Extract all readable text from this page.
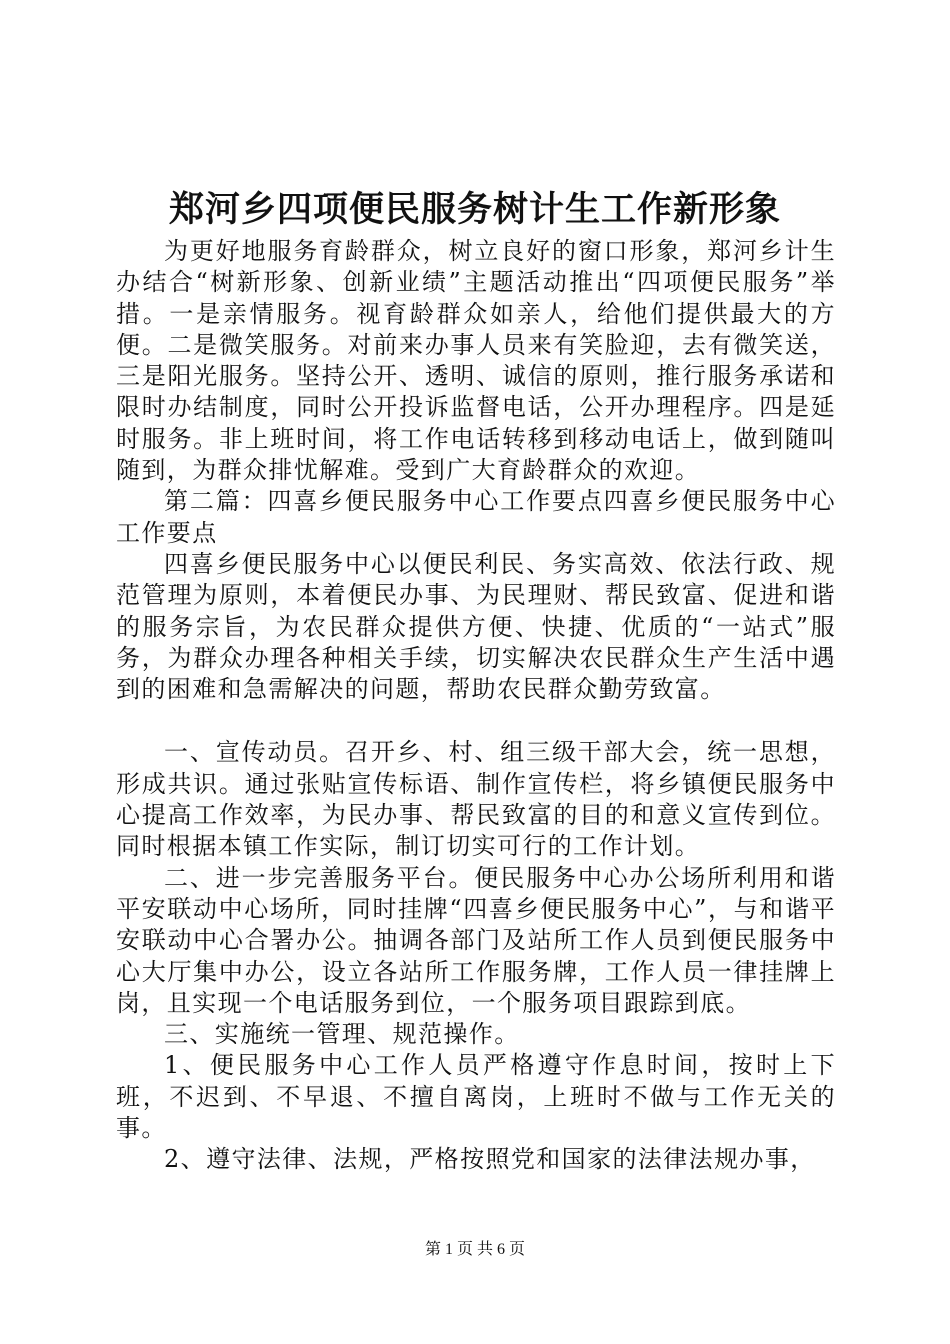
郑河乡四项便民服务树计生工作新形象

为更好地服务育龄群众，树立良好的窗口形象，郑河乡计生办结合“树新形象、创新业绩”主题活动推出“四项便民服务”举措。一是亲情服务。视育龄群众如亲人，给他们提供最大的方便。二是微笑服务。对前来办事人员来有笑脸迎，去有微笑送，三是阳光服务。坚持公开、透明、诚信的原则，推行服务承诺和限时办结制度，同时公开投诉监督电话，公开办理程序。四是延时服务。非上班时间，将工作电话转移到移动电话上，做到随叫随到，为群众排忧解难。受到广大育龄群众的欢迎。

第二篇：四喜乡便民服务中心工作要点四喜乡便民服务中心工作要点

四喜乡便民服务中心以便民利民、务实高效、依法行政、规范管理为原则，本着便民办事、为民理财、帮民致富、促进和谐的服务宗旨，为农民群众提供方便、快捷、优质的“一站式”服务，为群众办理各种相关手续，切实解决农民群众生产生活中遇到的困难和急需解决的问题，帮助农民群众勤劳致富。

一、宣传动员。召开乡、村、组三级干部大会，统一思想，形成共识。通过张贴宣传标语、制作宣传栏，将乡镇便民服务中心提高工作效率，为民办事、帮民致富的目的和意义宣传到位。同时根据本镇工作实际，制订切实可行的工作计划。

二、进一步完善服务平台。便民服务中心办公场所利用和谐平安联动中心场所，同时挂牌“四喜乡便民服务中心”，与和谐平安联动中心合署办公。抽调各部门及站所工作人员到便民服务中心大厅集中办公，设立各站所工作服务牌，工作人员一律挂牌上岗，且实现一个电话服务到位，一个服务项目跟踪到底。

三、实施统一管理、规范操作。

1、便民服务中心工作人员严格遵守作息时间，按时上下班，不迟到、不早退、不擅自离岗，上班时不做与工作无关的事。

2、遵守法律、法规，严格按照党和国家的法律法规办事，

第 1 页 共 6 页
